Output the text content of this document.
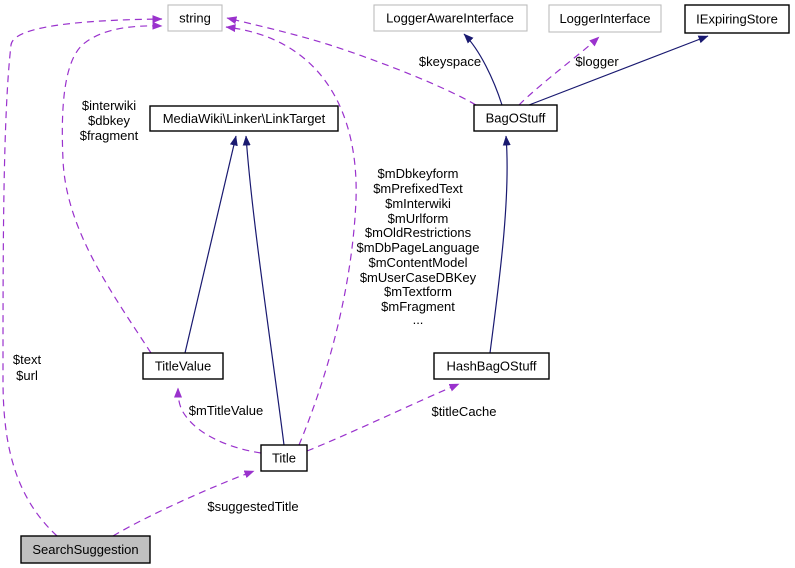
string	LoggerAwareInterface	LoggerInterface	IExpiringStore
MediaWiki\Linker\LinkTarget	BagOStuff
TitleValue	HashBagOStuff
Title
SearchSuggestion
$interwiki
$dbkey
$fragment
$keyspace	$logger
$mDbkeyform
$mPrefixedText
$mInterwiki
$mUrlform
$mOldRestrictions
$mDbPageLanguage
$mContentModel
$mUserCaseDBKey
$mTextform
$mFragment
...
$text
$url
$mTitleValue	$titleCache
$suggestedTitle
